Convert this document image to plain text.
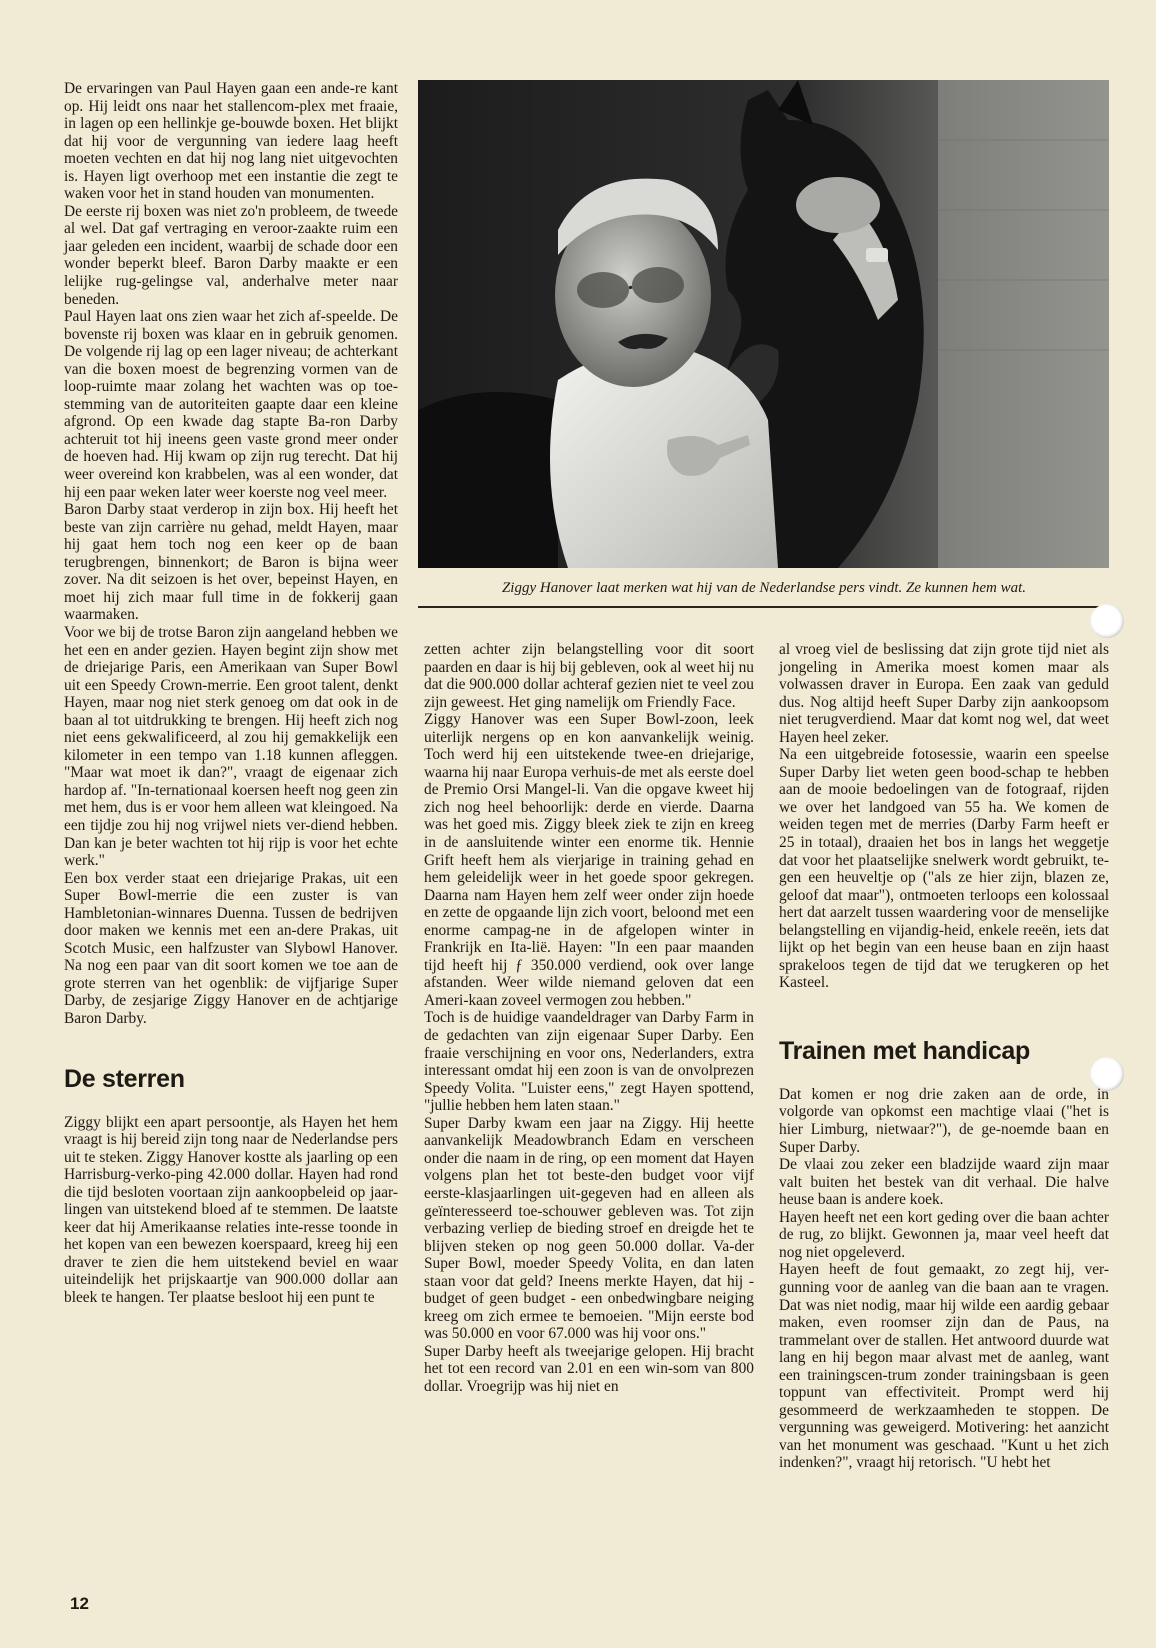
De ervaringen van Paul Hayen gaan een ande-re kant op. Hij leidt ons naar het stallencom-plex met fraaie, in lagen op een hellinkje ge-bouwde boxen. Het blijkt dat hij voor de vergunning van iedere laag heeft moeten vechten en dat hij nog lang niet uitgevochten is. Hayen ligt overhoop met een instantie die zegt te waken voor het in stand houden van monumenten.

De eerste rij boxen was niet zo'n probleem, de tweede al wel. Dat gaf vertraging en veroor-zaakte ruim een jaar geleden een incident, waarbij de schade door een wonder beperkt bleef. Baron Darby maakte er een lelijke rug-gelingse val, anderhalve meter naar beneden.

Paul Hayen laat ons zien waar het zich af-speelde. De bovenste rij boxen was klaar en in gebruik genomen. De volgende rij lag op een lager niveau; de achterkant van die boxen moest de begrenzing vormen van de loop-ruimte maar zolang het wachten was op toe-stemming van de autoriteiten gaapte daar een kleine afgrond. Op een kwade dag stapte Ba-ron Darby achteruit tot hij ineens geen vaste grond meer onder de hoeven had. Hij kwam op zijn rug terecht. Dat hij weer overeind kon krabbelen, was al een wonder, dat hij een paar weken later weer koerste nog veel meer.

Baron Darby staat verderop in zijn box. Hij heeft het beste van zijn carrière nu gehad, meldt Hayen, maar hij gaat hem toch nog een keer op de baan terugbrengen, binnenkort; de Baron is bijna weer zover. Na dit seizoen is het over, bepeinst Hayen, en moet hij zich maar full time in de fokkerij gaan waarmaken.

Voor we bij de trotse Baron zijn aangeland hebben we het een en ander gezien. Hayen begint zijn show met de driejarige Paris, een Amerikaan van Super Bowl uit een Speedy Crown-merrie. Een groot talent, denkt Hayen, maar nog niet sterk genoeg om dat ook in de baan al tot uitdrukking te brengen. Hij heeft zich nog niet eens gekwalificeerd, al zou hij gemakkelijk een kilometer in een tempo van 1.18 kunnen afleggen. "Maar wat moet ik dan?", vraagt de eigenaar zich hardop af. "In-ternationaal koersen heeft nog geen zin met hem, dus is er voor hem alleen wat kleingoed. Na een tijdje zou hij nog vrijwel niets ver-diend hebben. Dan kan je beter wachten tot hij rijp is voor het echte werk."

Een box verder staat een driejarige Prakas, uit een Super Bowl-merrie die een zuster is van Hambletonian-winnares Duenna. Tussen de bedrijven door maken we kennis met een an-dere Prakas, uit Scotch Music, een halfzuster van Slybowl Hanover. Na nog een paar van dit soort komen we toe aan de grote sterren van het ogenblik: de vijfjarige Super Darby, de zesjarige Ziggy Hanover en de achtjarige Baron Darby.

De sterren

Ziggy blijkt een apart persoontje, als Hayen het hem vraagt is hij bereid zijn tong naar de Nederlandse pers uit te steken. Ziggy Hanover kostte als jaarling op een Harrisburg-verko-ping 42.000 dollar. Hayen had rond die tijd besloten voortaan zijn aankoopbeleid op jaar-lingen van uitstekend bloed af te stemmen. De laatste keer dat hij Amerikaanse relaties inte-resse toonde in het kopen van een bewezen koerspaard, kreeg hij een draver te zien die hem uitstekend beviel en waar uiteindelijk het prijskaartje van 900.000 dollar aan bleek te hangen. Ter plaatse besloot hij een punt te

Ziggy Hanover laat merken wat hij van de Nederlandse pers vindt. Ze kunnen hem wat.

zetten achter zijn belangstelling voor dit soort paarden en daar is hij bij gebleven, ook al weet hij nu dat die 900.000 dollar achteraf gezien niet te veel zou zijn geweest. Het ging namelijk om Friendly Face.

Ziggy Hanover was een Super Bowl-zoon, leek uiterlijk nergens op en kon aanvankelijk weinig. Toch werd hij een uitstekende twee-en driejarige, waarna hij naar Europa verhuis-de met als eerste doel de Premio Orsi Mangel-li. Van die opgave kweet hij zich nog heel behoorlijk: derde en vierde. Daarna was het goed mis. Ziggy bleek ziek te zijn en kreeg in de aansluitende winter een enorme tik. Hennie Grift heeft hem als vierjarige in training gehad en hem geleidelijk weer in het goede spoor gekregen. Daarna nam Hayen hem zelf weer onder zijn hoede en zette de opgaande lijn zich voort, beloond met een enorme campag-ne in de afgelopen winter in Frankrijk en Ita-lië. Hayen: "In een paar maanden tijd heeft hij ƒ 350.000 verdiend, ook over lange afstanden. Weer wilde niemand geloven dat een Ameri-kaan zoveel vermogen zou hebben."

Toch is de huidige vaandeldrager van Darby Farm in de gedachten van zijn eigenaar Super Darby. Een fraaie verschijning en voor ons, Nederlanders, extra interessant omdat hij een zoon is van de onvolprezen Speedy Volita. "Luister eens," zegt Hayen spottend, "jullie hebben hem laten staan."

Super Darby kwam een jaar na Ziggy. Hij heette aanvankelijk Meadowbranch Edam en verscheen onder die naam in de ring, op een moment dat Hayen volgens plan het tot beste-den budget voor vijf eerste-klasjaarlingen uit-gegeven had en alleen als geïnteresseerd toe-schouwer gebleven was. Tot zijn verbazing verliep de bieding stroef en dreigde het te blijven steken op nog geen 50.000 dollar. Va-der Super Bowl, moeder Speedy Volita, en dan laten staan voor dat geld? Ineens merkte Hayen, dat hij - budget of geen budget - een onbedwingbare neiging kreeg om zich ermee te bemoeien. "Mijn eerste bod was 50.000 en voor 67.000 was hij voor ons."

Super Darby heeft als tweejarige gelopen. Hij bracht het tot een record van 2.01 en een win-som van 800 dollar. Vroegrijp was hij niet en

al vroeg viel de beslissing dat zijn grote tijd niet als jongeling in Amerika moest komen maar als volwassen draver in Europa. Een zaak van geduld dus. Nog altijd heeft Super Darby zijn aankoopsom niet terugverdiend. Maar dat komt nog wel, dat weet Hayen heel zeker.

Na een uitgebreide fotosessie, waarin een speelse Super Darby liet weten geen bood-schap te hebben aan de mooie bedoelingen van de fotograaf, rijden we over het landgoed van 55 ha. We komen de weiden tegen met de merries (Darby Farm heeft er 25 in totaal), draaien het bos in langs het weggetje dat voor het plaatselijke snelwerk wordt gebruikt, te-gen een heuveltje op ("als ze hier zijn, blazen ze, geloof dat maar"), ontmoeten terloops een kolossaal hert dat aarzelt tussen waardering voor de menselijke belangstelling en vijandig-heid, enkele reeën, iets dat lijkt op het begin van een heuse baan en zijn haast sprakeloos tegen de tijd dat we terugkeren op het Kasteel.

Trainen met handicap

Dat komen er nog drie zaken aan de orde, in volgorde van opkomst een machtige vlaai ("het is hier Limburg, nietwaar?"), de ge-noemde baan en Super Darby.

De vlaai zou zeker een bladzijde waard zijn maar valt buiten het bestek van dit verhaal. Die halve heuse baan is andere koek.

Hayen heeft net een kort geding over die baan achter de rug, zo blijkt. Gewonnen ja, maar veel heeft dat nog niet opgeleverd.

Hayen heeft de fout gemaakt, zo zegt hij, ver-gunning voor de aanleg van die baan aan te vragen. Dat was niet nodig, maar hij wilde een aardig gebaar maken, even roomser zijn dan de Paus, na trammelant over de stallen. Het antwoord duurde wat lang en hij begon maar alvast met de aanleg, want een trainingscen-trum zonder trainingsbaan is geen toppunt van effectiviteit. Prompt werd hij gesommeerd de werkzaamheden te stoppen. De vergunning was geweigerd. Motivering: het aanzicht van het monument was geschaad. "Kunt u het zich indenken?", vraagt hij retorisch. "U hebt het

12
